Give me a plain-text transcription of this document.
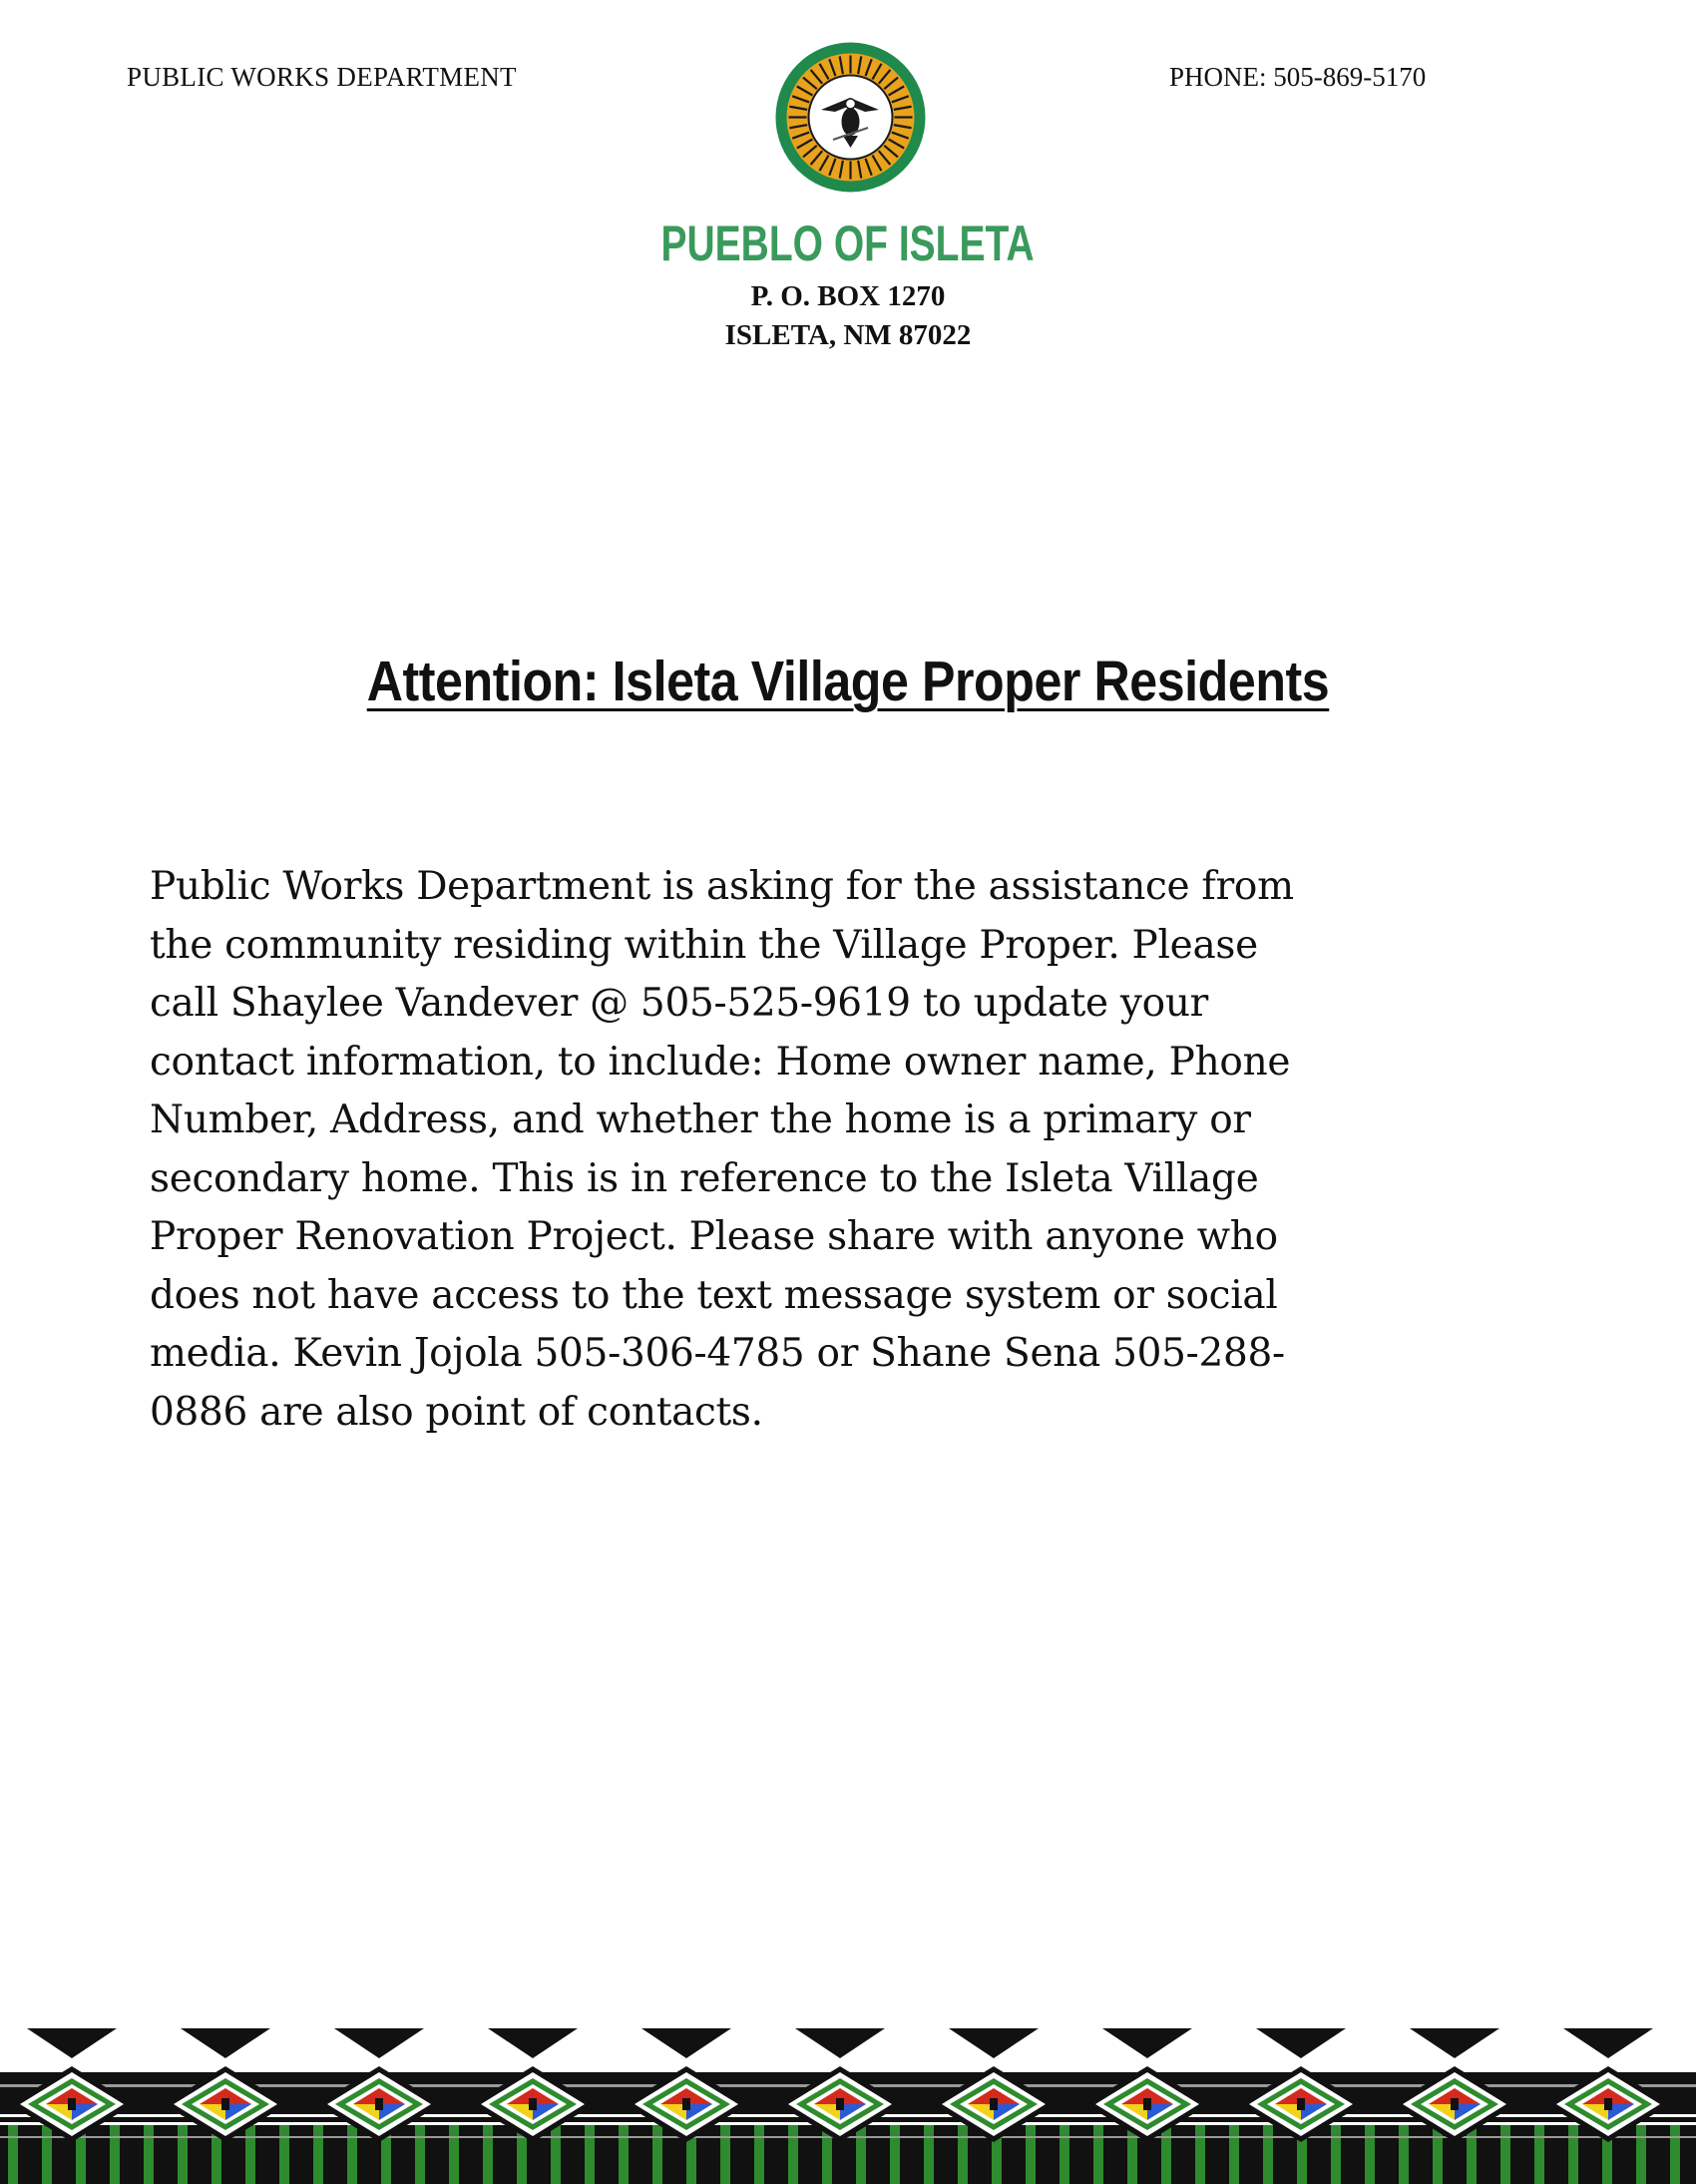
PUBLIC WORKS DEPARTMENT	PHONE: 505-869-5170
PUEBLO OF ISLETA
P. O. BOX 1270
ISLETA, NM 87022
Attention: Isleta Village Proper Residents
Public Works Department is asking for the assistance from
the community residing within the Village Proper. Please
call Shaylee Vandever @ 505-525-9619 to update your
contact information, to include: Home owner name, Phone
Number, Address, and whether the home is a primary or
secondary home. This is in reference to the Isleta Village
Proper Renovation Project. Please share with anyone who
does not have access to the text message system or social
media. Kevin Jojola 505-306-4785 or Shane Sena 505-288-
0886 are also point of contacts.
